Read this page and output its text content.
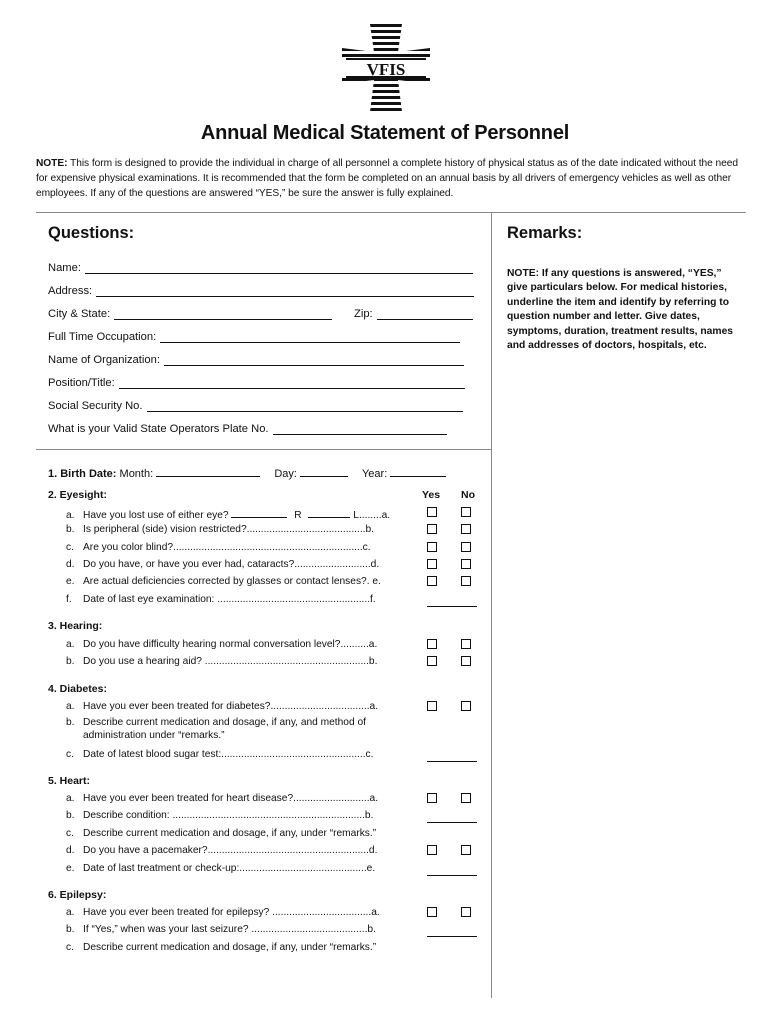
VFIS
Annual Medical Statement of Personnel
NOTE: This form is designed to provide the individual in charge of all personnel a complete history of physical status as of the date indicated without the need for expensive physical examinations. It is recommended that the form be completed on an annual basis by all drivers of emergency vehicles as well as other employees. If any of the questions are answered “YES,” be sure the answer is fully explained.
Questions:	Remarks:
NOTE: If any questions is answered, “YES,” give particulars below. For medical histories, underline the item and identify by referring to question number and letter. Give dates, symptoms, duration, treatment results, names and addresses of doctors, hospitals, etc.
Name:
Address:
City & State:	Zip:
Full Time Occupation:
Name of Organization:
Position/Title:
Social Security No.
What is your Valid State Operators Plate No.
1. Birth Date: Month:	Day:	Year:
Yes No
2. Eyesight:
a. Have you lost use of either eye?	R	L........a.
b. Is peripheral (side) vision restricted?..........................................b.
c. Are you color blind?...................................................................c.
d. Do you have, or have you ever had, cataracts?...........................d.
e. Are actual deficiencies corrected by glasses or contact lenses?. e.
f. Date of last eye examination: ......................................................f.
3. Hearing:
a. Do you have difficulty hearing normal conversation level?..........a.
b. Do you use a hearing aid? ..........................................................b.
4. Diabetes:
a. Have you ever been treated for diabetes?...................................a.
b. Describe current medication and dosage, if any, and method of
administration under “remarks.”
c. Date of latest blood sugar test:...................................................c.
5. Heart:
a. Have you ever been treated for heart disease?...........................a.
b. Describe condition: ....................................................................b.
c. Describe current medication and dosage, if any, under “remarks.”
d. Do you have a pacemaker?.........................................................d.
e. Date of last treatment or check-up:.............................................e.
6. Epilepsy:
a. Have you ever been treated for epilepsy? ...................................a.
b. If “Yes,” when was your last seizure? .........................................b.
c. Describe current medication and dosage, if any, under “remarks.”
